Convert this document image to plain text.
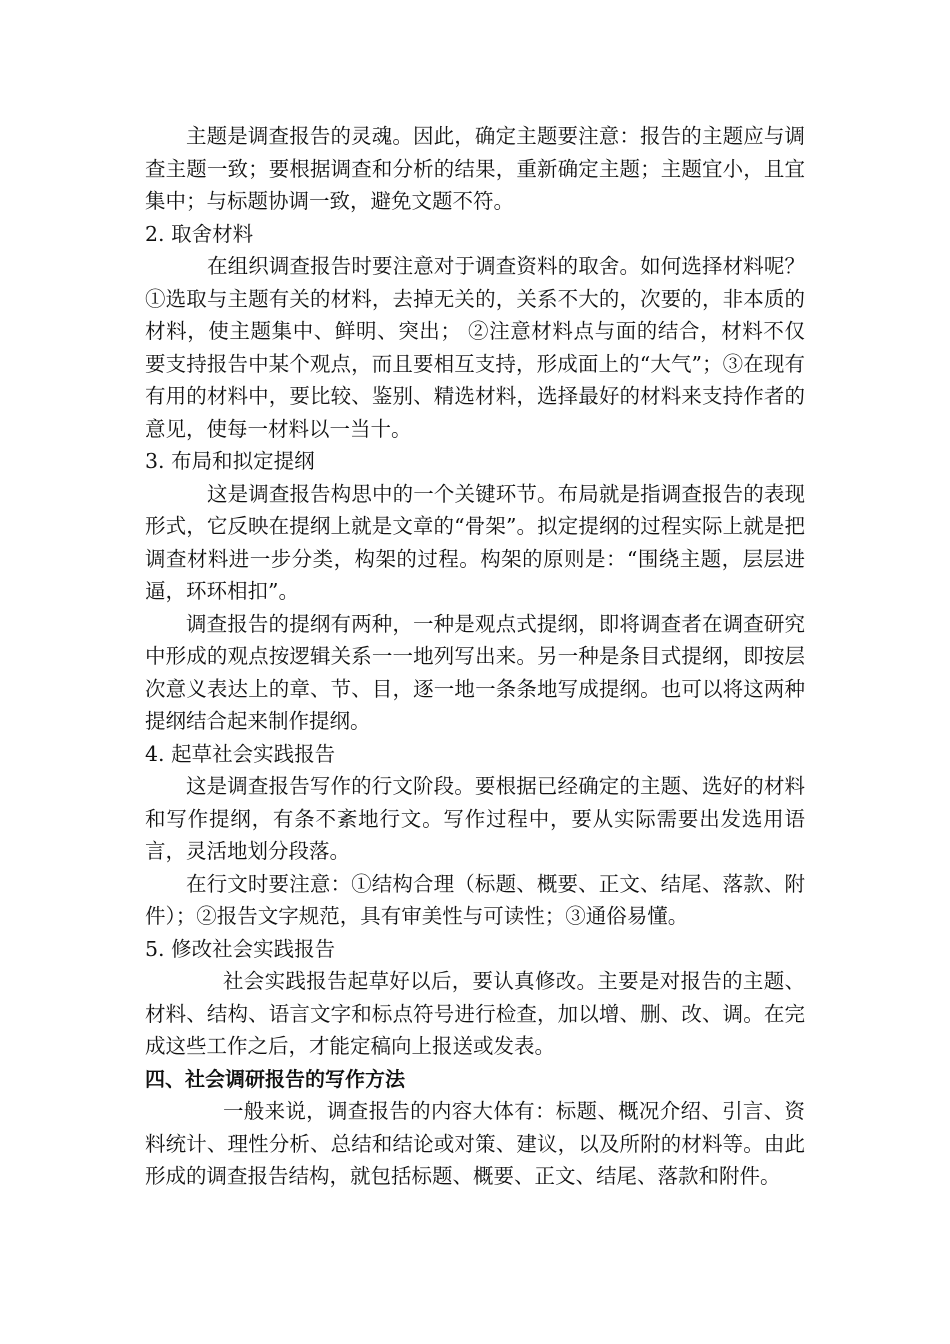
主题是调查报告的灵魂。因此，确定主题要注意：报告的主题应与调查主题一致；要根据调查和分析的结果，重新确定主题；主题宜小，且宜集中；与标题协调一致，避免文题不符。

2. 取舍材料

在组织调查报告时要注意对于调查资料的取舍。如何选择材料呢？ ①选取与主题有关的材料，去掉无关的，关系不大的，次要的，非本质的材料，使主题集中、鲜明、突出； ②注意材料点与面的结合，材料不仅要支持报告中某个观点，而且要相互支持，形成面上的“大气”；③在现有有用的材料中，要比较、鉴别、精选材料，选择最好的材料来支持作者的意见，使每一材料以一当十。

3. 布局和拟定提纲

这是调查报告构思中的一个关键环节。布局就是指调查报告的表现形式，它反映在提纲上就是文章的“骨架”。拟定提纲的过程实际上就是把调查材料进一步分类，构架的过程。构架的原则是：“围绕主题，层层进逼，环环相扣”。

调查报告的提纲有两种，一种是观点式提纲，即将调查者在调查研究中形成的观点按逻辑关系一一地列写出来。另一种是条目式提纲，即按层次意义表达上的章、节、目，逐一地一条条地写成提纲。也可以将这两种提纲结合起来制作提纲。

4. 起草社会实践报告

这是调查报告写作的行文阶段。要根据已经确定的主题、选好的材料和写作提纲，有条不紊地行文。写作过程中，要从实际需要出发选用语言，灵活地划分段落。

在行文时要注意：①结构合理（标题、概要、正文、结尾、落款、附件）；②报告文字规范，具有审美性与可读性；③通俗易懂。

5. 修改社会实践报告

社会实践报告起草好以后，要认真修改。主要是对报告的主题、材料、结构、语言文字和标点符号进行检查，加以增、删、改、调。在完成这些工作之后，才能定稿向上报送或发表。

四、社会调研报告的写作方法

一般来说，调查报告的内容大体有：标题、概况介绍、引言、资料统计、理性分析、总结和结论或对策、建议，以及所附的材料等。由此形成的调查报告结构，就包括标题、概要、正文、结尾、落款和附件。
